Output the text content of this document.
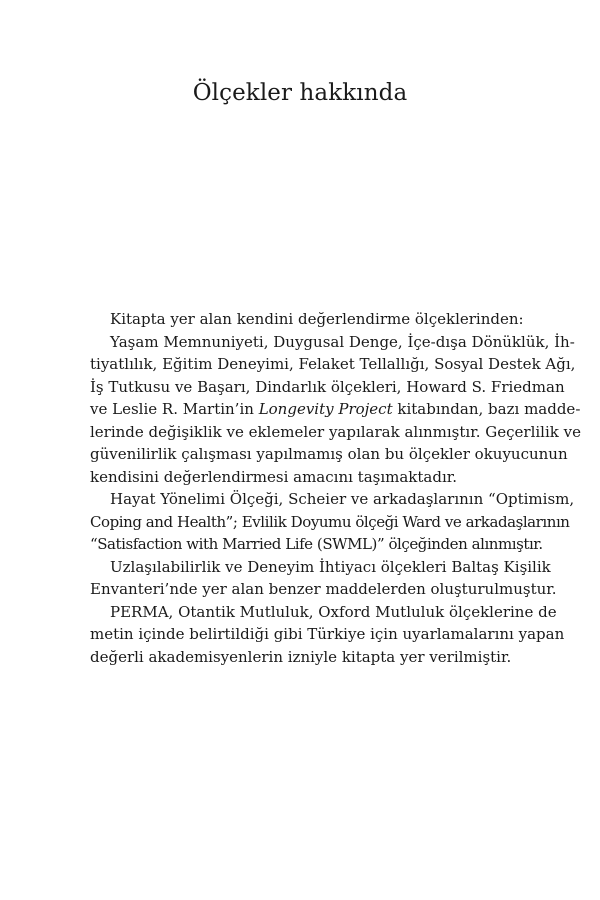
Ölçekler hakkında
Kitapta yer alan kendini değerlendirme ölçeklerinden:
Yaşam Memnuniyeti, Duygusal Denge, İçe-dışa Dönüklük, İh-
tiyatlılık, Eğitim Deneyimi, Felaket Tellallığı, Sosyal Destek Ağı,
İş Tutkusu ve Başarı, Dindarlık ölçekleri, Howard S. Friedman
ve Leslie R. Martin’in Longevity Project kitabından, bazı madde-
lerinde değişiklik ve eklemeler yapılarak alınmıştır. Geçerlilik ve
güvenilirlik çalışması yapılmamış olan bu ölçekler okuyucunun
kendisini değerlendirmesi amacını taşımaktadır.
Hayat Yönelimi Ölçeği, Scheier ve arkadaşlarının “Optimism,
Coping and Health”; Evlilik Doyumu ölçeği Ward ve arkadaşlarının
“Satisfaction with Married Life (SWML)” ölçeğinden alınmıştır.
Uzlaşılabilirlik ve Deneyim İhtiyacı ölçekleri Baltaş Kişilik
Envanteri’nde yer alan benzer maddelerden oluşturulmuştur.
PERMA, Otantik Mutluluk, Oxford Mutluluk ölçeklerine de
metin içinde belirtildiği gibi Türkiye için uyarlamalarını yapan
değerli akademisyenlerin izniyle kitapta yer verilmiştir.
